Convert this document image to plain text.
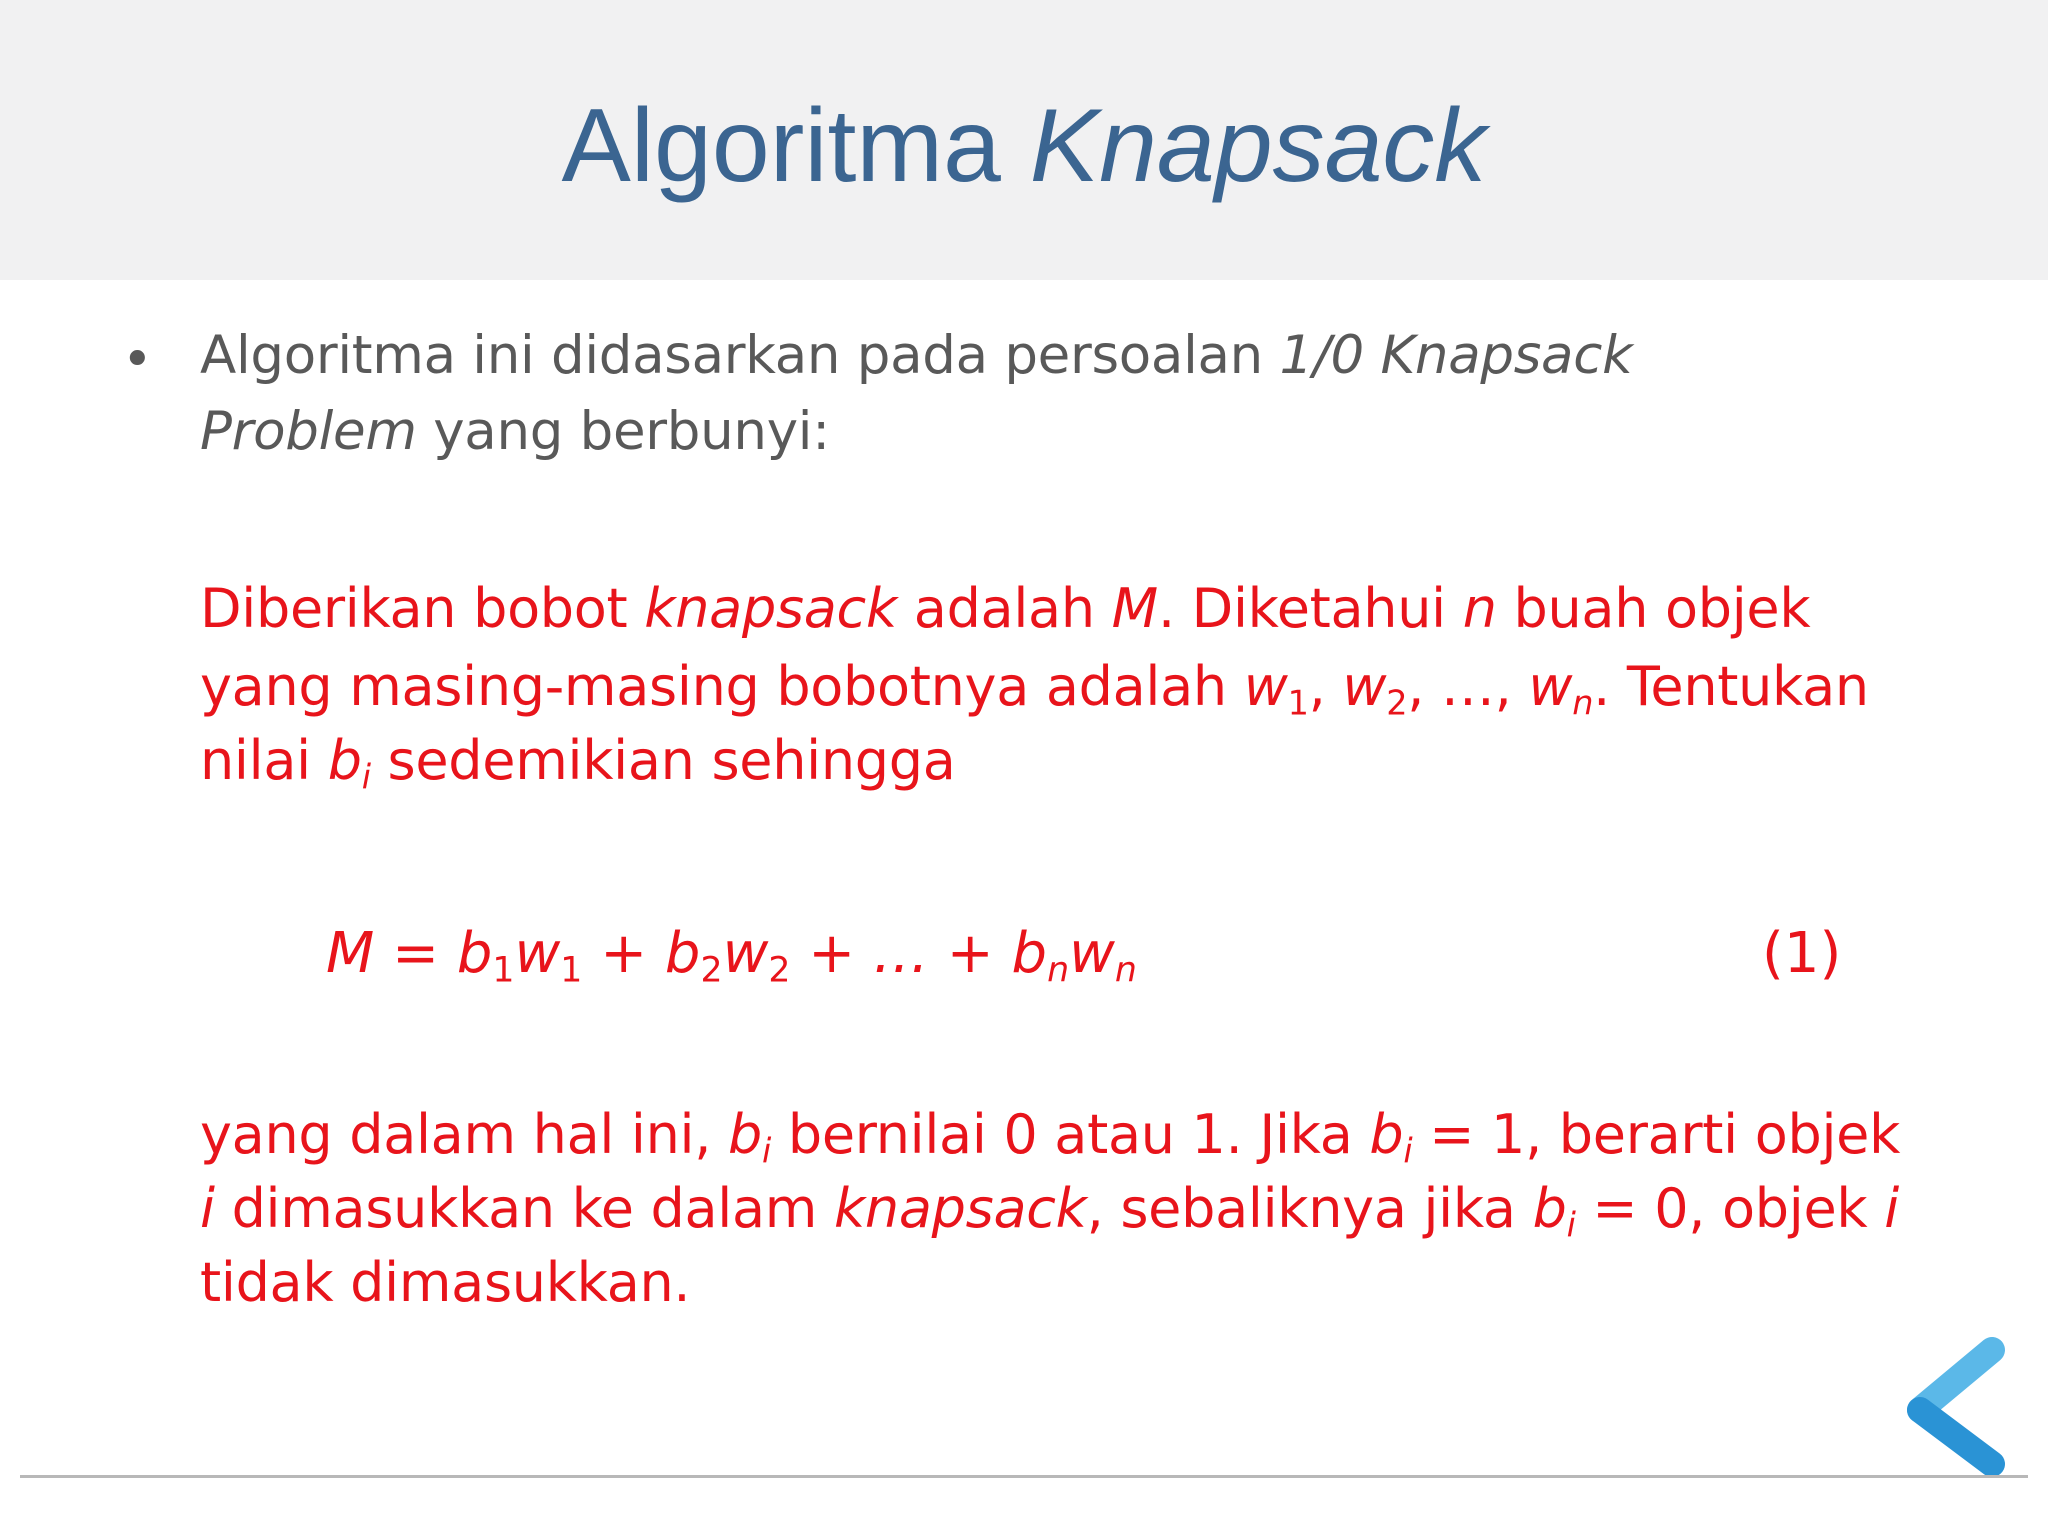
Algoritma Knapsack
• Algoritma ini didasarkan pada persoalan 1/0 Knapsack
Problem yang berbunyi:
Diberikan bobot knapsack adalah M. Diketahui n buah objek
yang masing-masing bobotnya adalah $w_1$, $w_2$, …, $w_n$. Tentukan
nilai $b_i$ sedemikian sehingga
$M = b_1w_1 + b_2w_2$ + … + $b_nw_n$	(1)
yang dalam hal ini, $b_i$ bernilai 0 atau 1. Jika $b_i = 1$, berarti objek
i dimasukkan ke dalam knapsack, sebaliknya jika $b_i = 0$, objek i
tidak dimasukkan.
